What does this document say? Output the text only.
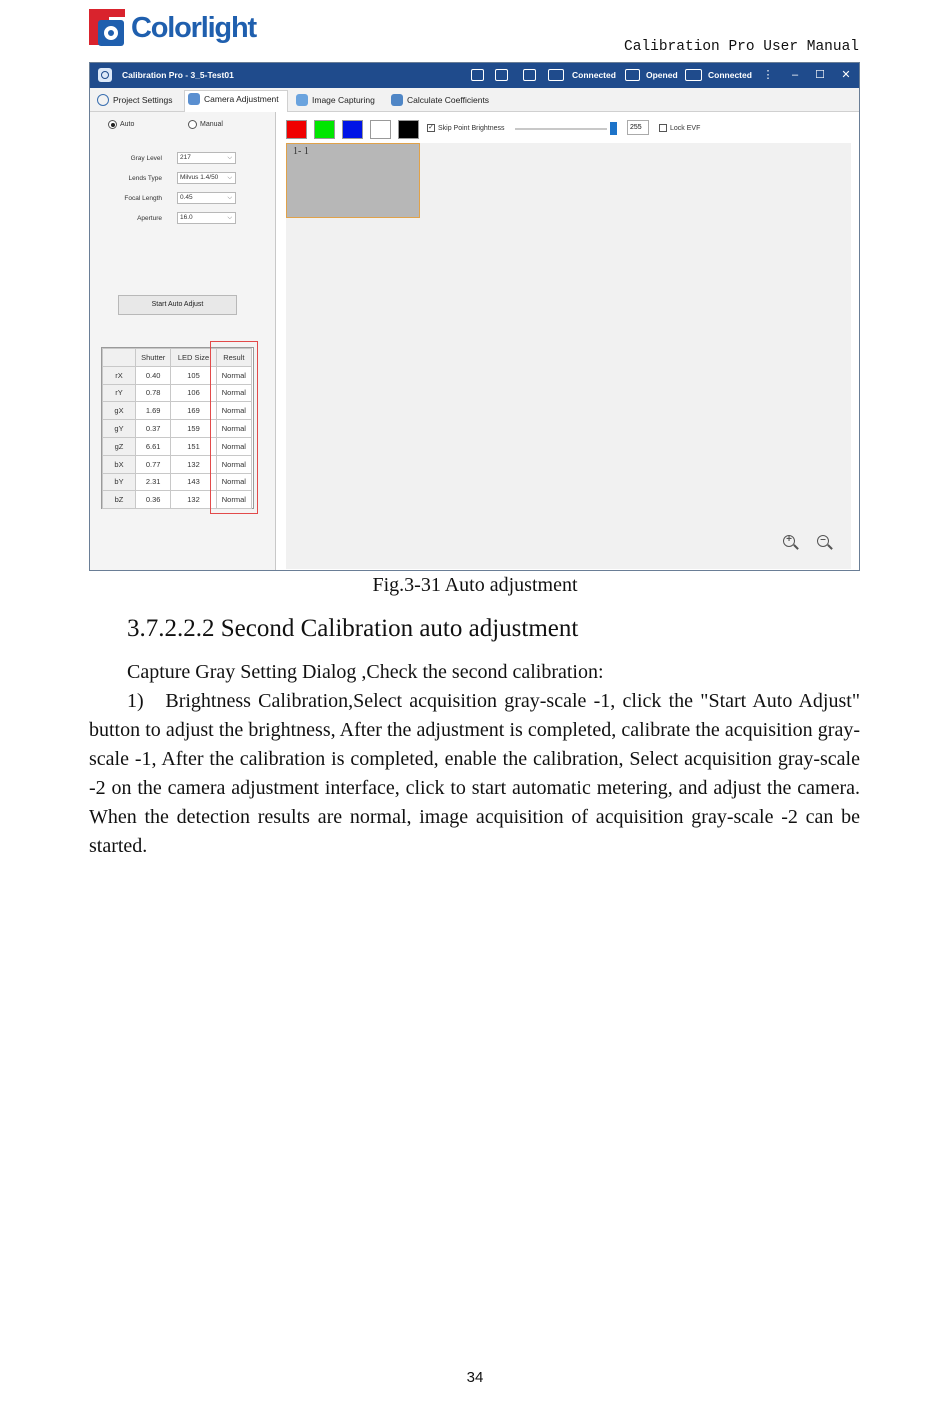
Colorlight
Calibration Pro User Manual
Calibration Pro - 3_5-Test01	Connected	Opened	Connected ⋮	–	☐	✕
Project Settings	Camera Adjustment	Image Capturing	Calculate Coefficients
Auto	Manual
Gray Level	217	⌵
Lends Type	Milvus 1.4/50 ⌵
Focal Length	0.45	⌵
Aperture	16.0	⌵
Start Auto Adjust
	Shutter	LED Size	Result
rX	0.40	105	Normal
rY	0.78	106	Normal
gX	1.69	169	Normal
gY	0.37	159	Normal
gZ	6.61	151	Normal
bX	0.77	132	Normal
bY	2.31	143	Normal
bZ	0.36	132	Normal
✓ Skip Point Brightness	255	Lock EVF
1- 1
+	–
Fig.3-31 Auto adjustment
3.7.2.2.2 Second Calibration auto adjustment

Capture Gray Setting Dialog ,Check the second calibration:

1)   Brightness Calibration,Select acquisition gray-scale -1, click the "Start Auto Adjust" button to adjust the brightness, After the adjustment is completed, calibrate the acquisition gray-scale -1, After the calibration is completed, enable the calibration, Select acquisition gray-scale -2 on the camera adjustment interface, click to start automatic metering, and adjust the camera. When the detection results are normal, image acquisition of acquisition gray-scale -2 can be started.

34
